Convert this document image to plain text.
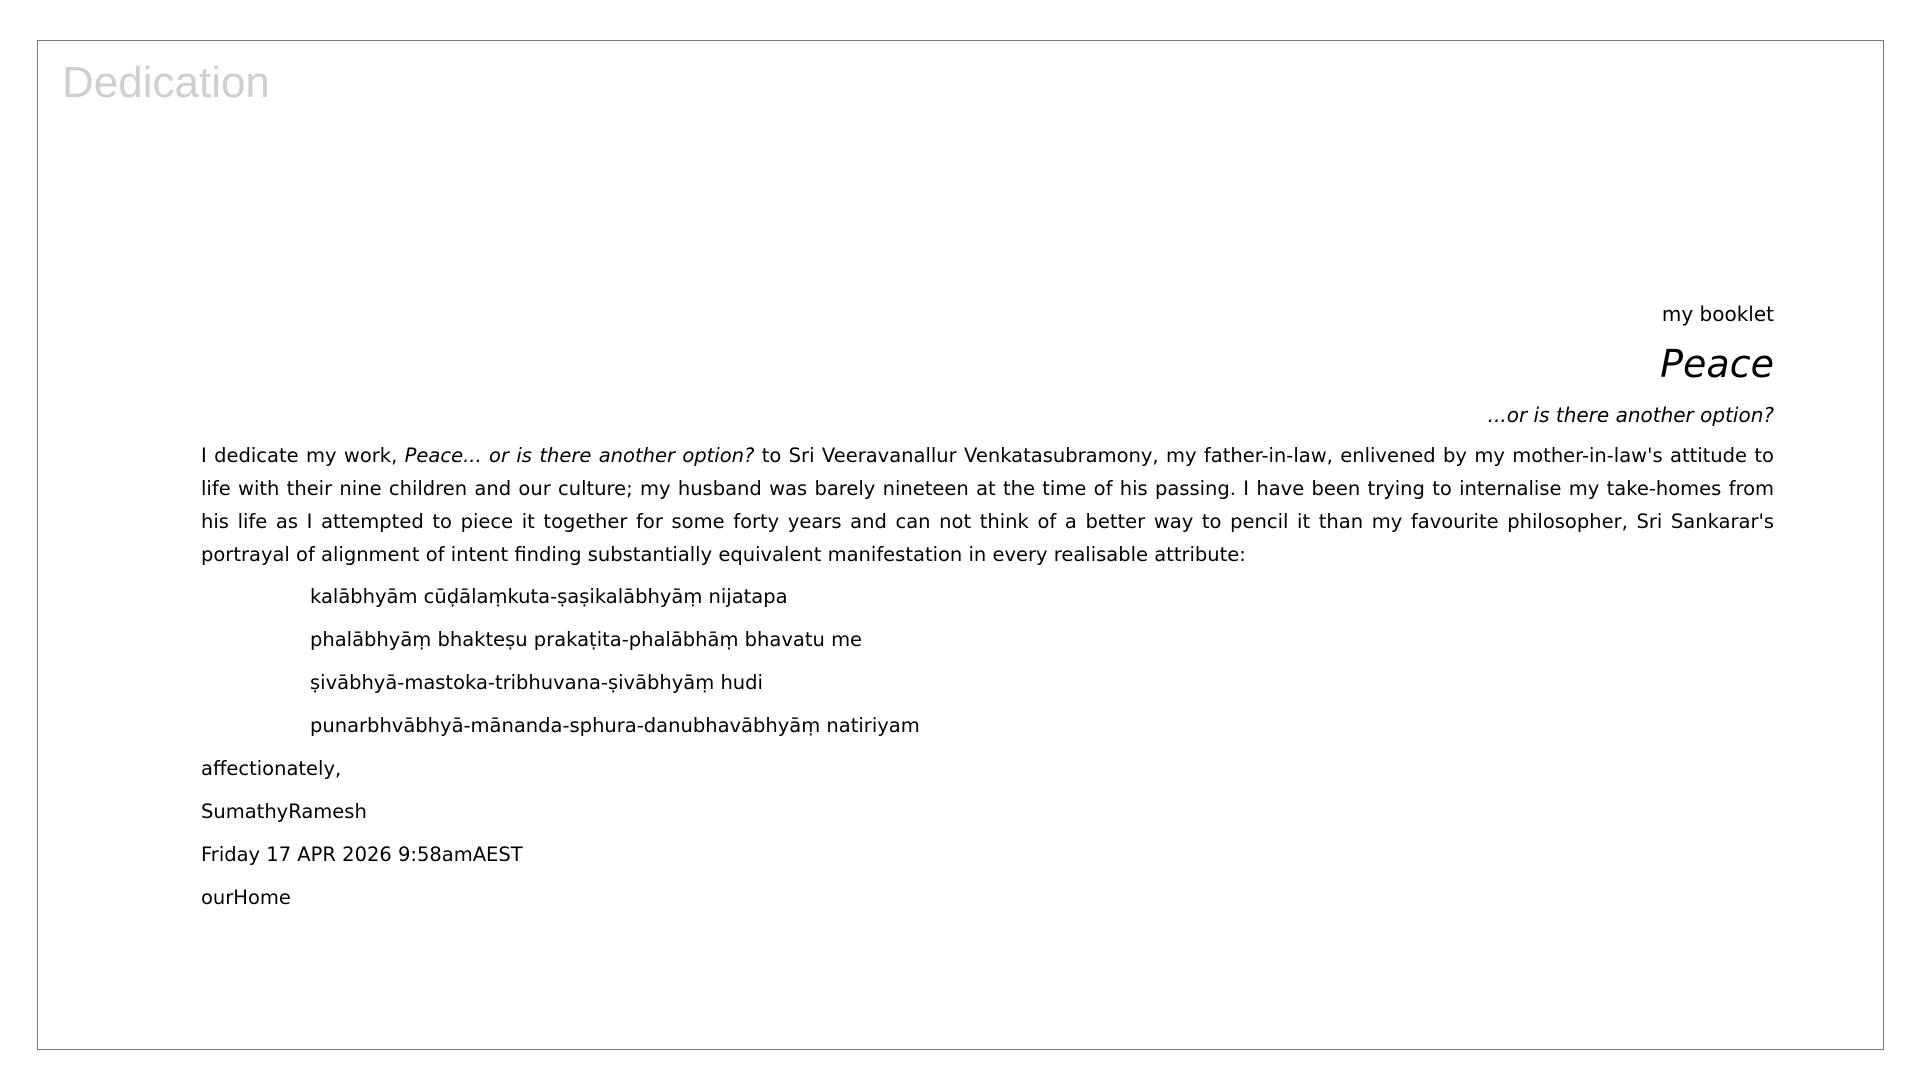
Dedication
my booklet
Peace
...or is there another option?
I dedicate my work, Peace... or is there another option? to Sri Veeravanallur Venkatasubramony, my father-in-law, enlivened by my mother-in-law's attitude to life with their nine children and our culture; my husband was barely nineteen at the time of his passing. I have been trying to internalise my take-homes from his life as I attempted to piece it together for some forty years and can not think of a better way to pencil it than my favourite philosopher, Sri Sankarar's portrayal of alignment of intent finding substantially equivalent manifestation in every realisable attribute:
kalābhyām cūḍālaṃkuta-ṣaṣikalābhyāṃ nijatapa
phalābhyāṃ bhakteṣu prakaṭita-phalābhāṃ bhavatu me
ṣivābhyā-mastoka-tribhuvana-ṣivābhyāṃ hudi
punarbhvābhyā-mānanda-sphura-danubhavābhyāṃ natiriyam
affectionately,
SumathyRamesh
Friday 17 APR 2026 9:58amAEST
ourHome
